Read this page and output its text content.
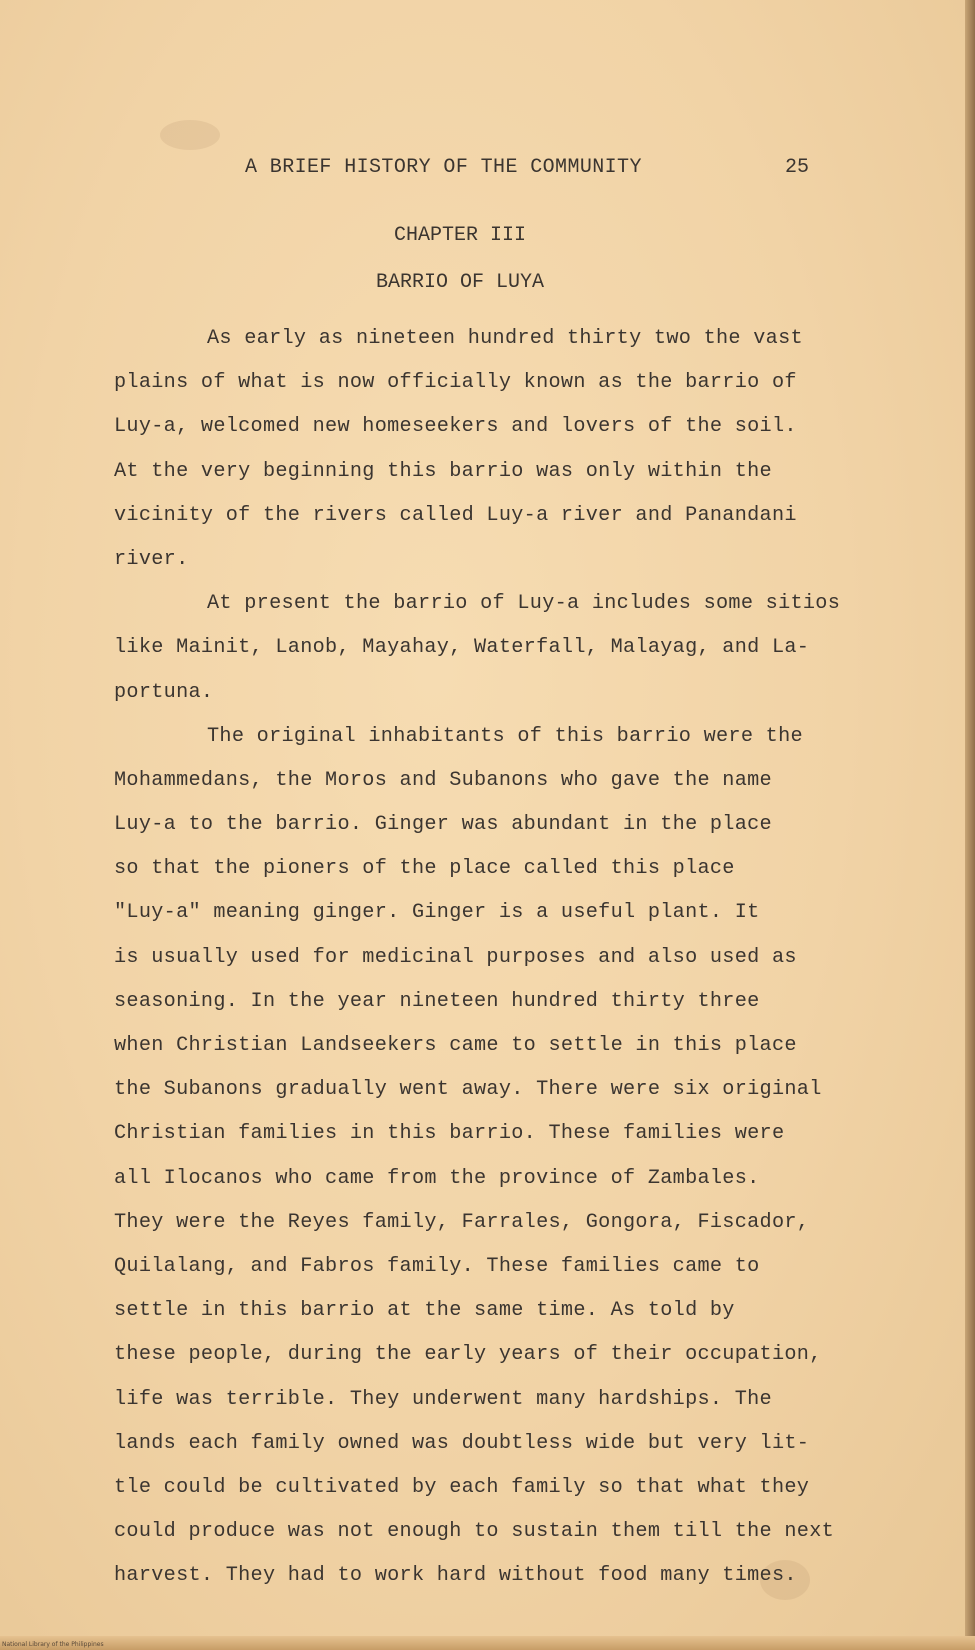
A BRIEF HISTORY OF THE COMMUNITY	25
CHAPTER III
BARRIO OF LUYA
As early as nineteen hundred thirty two the vast
plains of what is now officially known as the barrio of
Luy-a, welcomed new homeseekers and lovers of the soil.
At the very beginning this barrio was only within the
vicinity of the rivers called Luy-a river and Panandani
river.
At present the barrio of Luy-a includes some sitios
like Mainit, Lanob, Mayahay, Waterfall, Malayag, and La-
portuna.
The original inhabitants of this barrio were the
Mohammedans, the Moros and Subanons who gave the name
Luy-a to the barrio. Ginger was abundant in the place
so that the pioners of the place called this place
"Luy-a" meaning ginger. Ginger is a useful plant. It
is usually used for medicinal purposes and also used as
seasoning. In the year nineteen hundred thirty three
when Christian Landseekers came to settle in this place
the Subanons gradually went away. There were six original
Christian families in this barrio. These families were
all Ilocanos who came from the province of Zambales.
They were the Reyes family, Farrales, Gongora, Fiscador,
Quilalang, and Fabros family. These families came to
settle in this barrio at the same time. As told by
these people, during the early years of their occupation,
life was terrible. They underwent many hardships. The
lands each family owned was doubtless wide but very lit-
tle could be cultivated by each family so that what they
could produce was not enough to sustain them till the next
harvest. They had to work hard without food many times.
National Library of the Philippines
